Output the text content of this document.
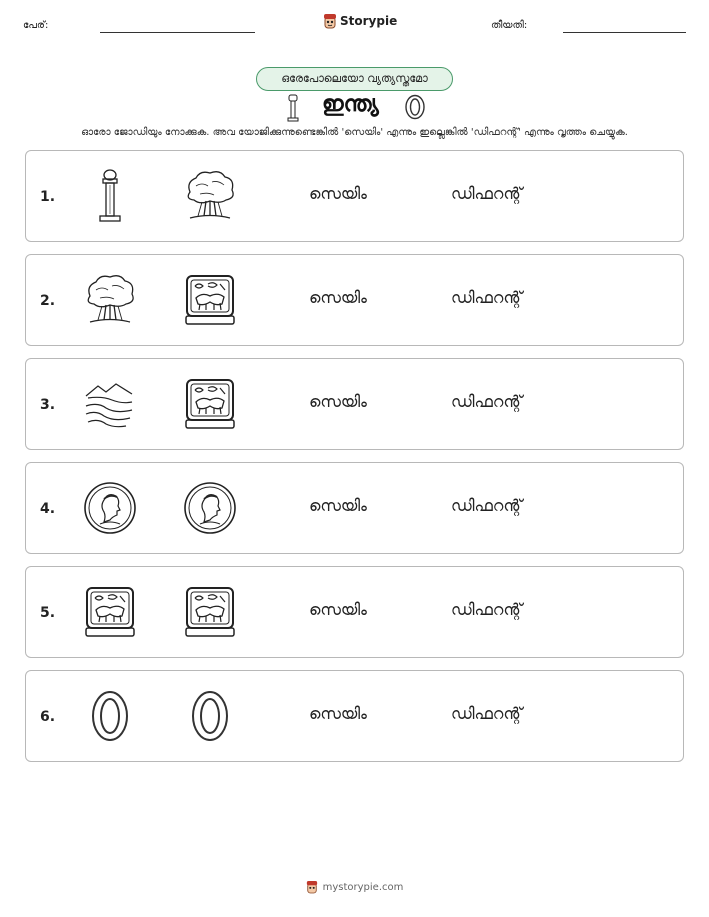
പേര്:	Storypie	തീയതി:
ഒരേപോലെയോ വ്യത്യസ്തമോ
ഇന്ത്യ
ഓരോ ജോഡിയും നോക്കുക. അവ യോജിക്കുന്നുണ്ടെങ്കിൽ 'സെയിം' എന്നും ഇല്ലെങ്കിൽ 'ഡിഫറന്റ്' എന്നും വൃത്തം ചെയ്യുക.
1.	സെയിം	ഡിഫറന്റ്
2.	സെയിം	ഡിഫറന്റ്
3.	സെയിം	ഡിഫറന്റ്
4.	സെയിം	ഡിഫറന്റ്
5.	സെയിം	ഡിഫറന്റ്
6.	സെയിം	ഡിഫറന്റ്
mystorypie.com
